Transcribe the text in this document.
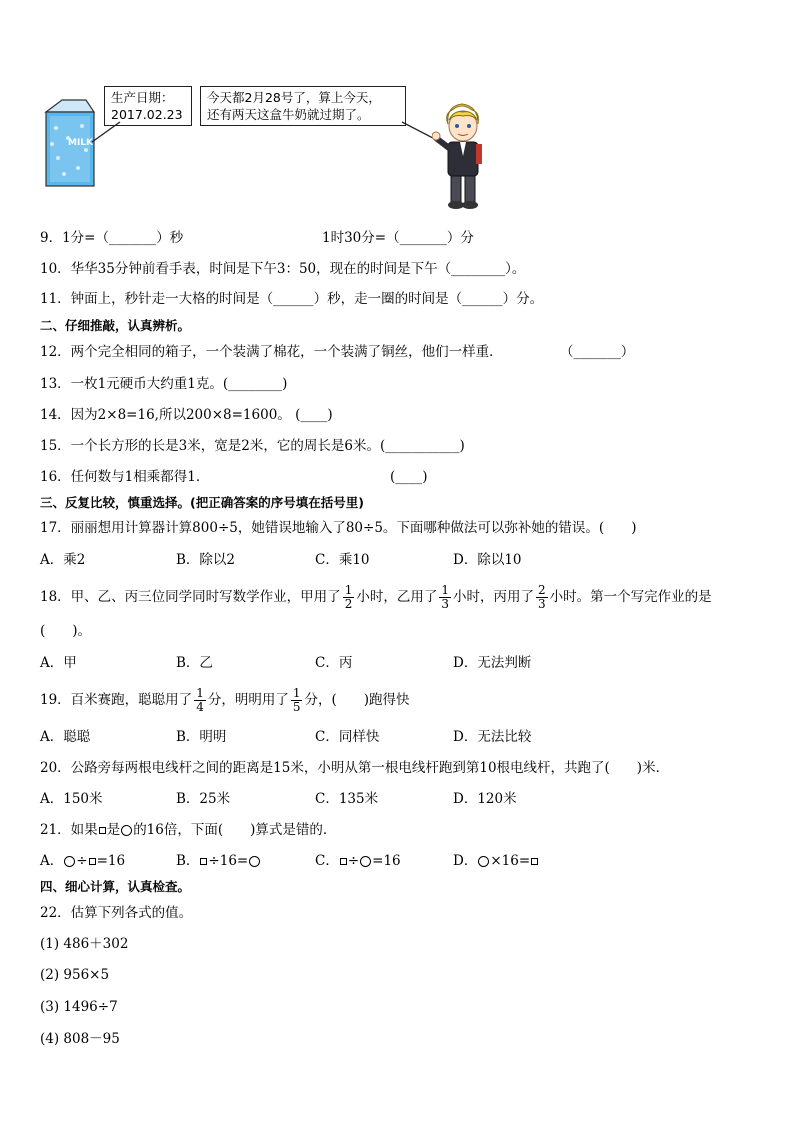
MILK
生产日期：
2017.02.23
今天都2月28号了，算上今天，
还有两天这盒牛奶就过期了。
9．1分=（_______）秒	1时30分=（_______）分
10．华华35分钟前看手表，时间是下午3：50，现在的时间是下午（________）。
11．钟面上，秒针走一大格的时间是（______）秒，走一圈的时间是（______）分。
二、仔细推敲，认真辨析。
12．两个完全相同的箱子，一个装满了棉花，一个装满了铜丝，他们一样重．	（_______）
13．一枚1元硬币大约重1克。(________)
14．因为2×8=16,所以200×8=1600。 (____)
15．一个长方形的长是3米，宽是2米，它的周长是6米。(___________)
16．任何数与1相乘都得1．	(____)
三、反复比较，慎重选择。(把正确答案的序号填在括号里)
17．丽丽想用计算器计算800÷5，她错误地输入了80÷5。下面哪种做法可以弥补她的错误。(　　)
A．乘2	B．除以2	C．乘10	D．除以10
18．甲、乙、丙三位同学同时写数学作业，甲用了 $\frac{1}{2}$ 小时，乙用了 $\frac{1}{3}$ 小时，丙用了 $\frac{2}{3}$ 小时。第一个写完作业的是
(　　)。
A．甲	B．乙	C．丙	D．无法判断
19．百米赛跑，聪聪用了 $\frac{1}{4}$ 分，明明用了 $\frac{1}{5}$ 分，(　　)跑得快
A．聪聪	B．明明	C．同样快	D．无法比较
20．公路旁每两根电线杆之间的距离是15米，小明从第一根电线杆跑到第10根电线杆，共跑了(　　)米．
A．150米	B．25米	C．135米	D．120米
21．如果 是 的16倍，下面(　　)算式是错的．
A． ÷ =16	B． ÷16=	C． ÷ =16	D． ×16=
四、细心计算，认真检查。
22．估算下列各式的值。
(1) 486＋302
(2) 956×5
(3) 1496÷7
(4) 808－95
